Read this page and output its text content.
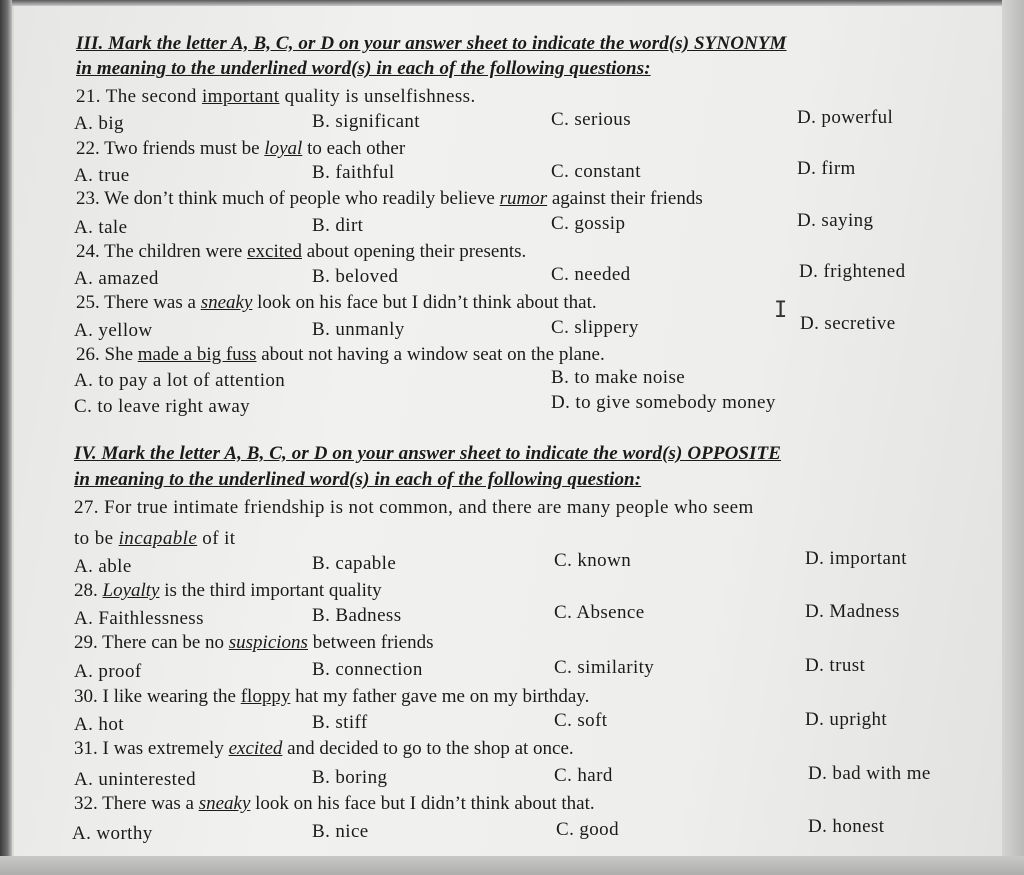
III. Mark the letter A, B, C, or D on your answer sheet to indicate the word(s) SYNONYM
in meaning to the underlined word(s) in each of the following questions:
21. The second important quality is unselfishness.
A. big	B. significant	C. serious	D. powerful
22. Two friends must be loyal to each other
A. true	B. faithful	C. constant	D. firm
23. We don’t think much of people who readily believe rumor against their friends
A. tale	B. dirt	C. gossip	D. saying
24. The children were excited about opening their presents.
A. amazed	B. beloved	C. needed	D. frightened
25. There was a sneaky look on his face but I didn’t think about that.
A. yellow	B. unmanly	C. slippery	D. secretive
I
26. She made a big fuss about not having a window seat on the plane.
A. to pay a lot of attention	B. to make noise
C. to leave right away	D. to give somebody money
IV. Mark the letter A, B, C, or D on your answer sheet to indicate the word(s) OPPOSITE
in meaning to the underlined word(s) in each of the following question:
27. For true intimate friendship is not common, and there are many people who seem
to be incapable of it
A. able	B. capable	C. known	D. important
28. Loyalty is the third important quality
A. Faithlessness	B. Badness	C. Absence	D. Madness
29. There can be no suspicions between friends
A. proof	B. connection	C. similarity	D. trust
30. I like wearing the floppy hat my father gave me on my birthday.
A. hot	B. stiff	C. soft	D. upright
31. I was extremely excited and decided to go to the shop at once.
A. uninterested	B. boring	C. hard	D. bad with me
32. There was a sneaky look on his face but I didn’t think about that.
A. worthy	B. nice	C. good	D. honest
